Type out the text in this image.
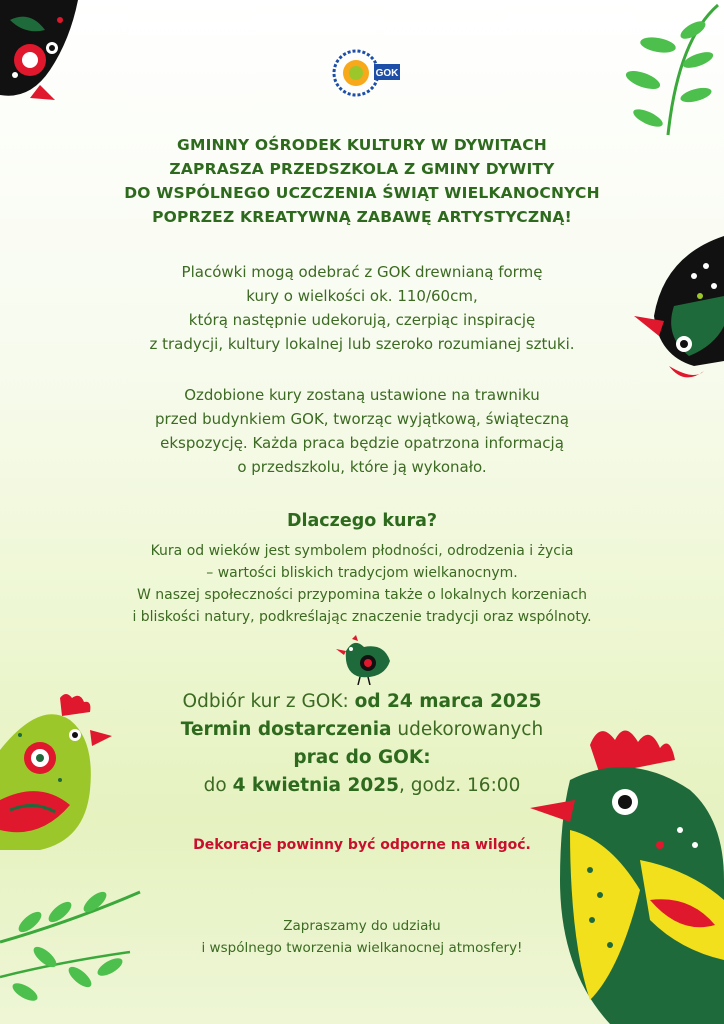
GOK
GMINNY OŚRODEK KULTURY W DYWITACH
ZAPRASZA PRZEDSZKOLA Z GMINY DYWITY
DO WSPÓLNEGO UCZCZENIA ŚWIĄT WIELKANOCNYCH
POPRZEZ KREATYWNĄ ZABAWĘ ARTYSTYCZNĄ!
Placówki mogą odebrać z GOK drewnianą formę
kury o wielkości ok. 110/60cm,
którą następnie udekorują, czerpiąc inspirację
z tradycji, kultury lokalnej lub szeroko rozumianej sztuki.
Ozdobione kury zostaną ustawione na trawniku
przed budynkiem GOK, tworząc wyjątkową, świąteczną
ekspozycję. Każda praca będzie opatrzona informacją
o przedszkolu, które ją wykonało.
Dlaczego kura?
Kura od wieków jest symbolem płodności, odrodzenia i życia
– wartości bliskich tradycjom wielkanocnym.
W naszej społeczności przypomina także o lokalnych korzeniach
i bliskości natury, podkreślając znaczenie tradycji oraz wspólnoty.
Odbiór kur z GOK: od 24 marca 2025
Termin dostarczenia udekorowanych
prac do GOK:
do 4 kwietnia 2025, godz. 16:00
Dekoracje powinny być odporne na wilgoć.
Zapraszamy do udziału
i wspólnego tworzenia wielkanocnej atmosfery!
